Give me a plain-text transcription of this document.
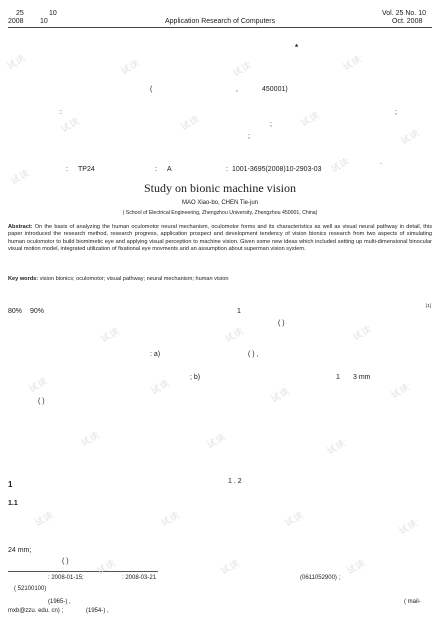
25	10
2008 10	Application Research of Computers
Vol. 25 No. 10
Oct. 2008
*
(	,	450001)
:	;
;
;
.
: TP24	: A	: 1001-3695(2008)10-2903-03
Study on bionic machine vision
MAO Xiao-bo, CHEN Tie-jun
( School of Electrical Engineering, Zhengzhou University, Zhengzhou 450001, China)
Abstract: On the basis of analyzing the human oculomotor neural mechanism, oculomotor forms and its characteristics as well as visual neural pathway in detail, this paper introduced the research method, research progress, application prospect and development tendency of vision bionics research from two aspects of simulating human oculomotor to build biomimetic eye and applying visual perception to machine vision. Given some new ideas which included setting up multi-dimensional binocular visual motion model, integrated utilization of fixational eye movments and an assumption about superman vision system.
Key words: vision bionics; oculomotor; visual pathway; neural mechanism; human vision
80% 90%	1
[1]
( )
: a)	( ) ,
; b)	1 3 mm
( )
1	1 . 2
1.1
24 mm;
( )
: 2008-01-15;	: 2008-03-21	(0611052900) ;
( 52100100)
(1965-) ,	( mail-
mxb@zzu. edu. cn) ;	(1954-) ,
试读	试读	试读	试读
试读	试读	试读
试读
试读
试读
试读	试读	试读
试读	试读	试读	试读
试读	试读	试读
试读	试读	试读	试读
试读	试读	试读
